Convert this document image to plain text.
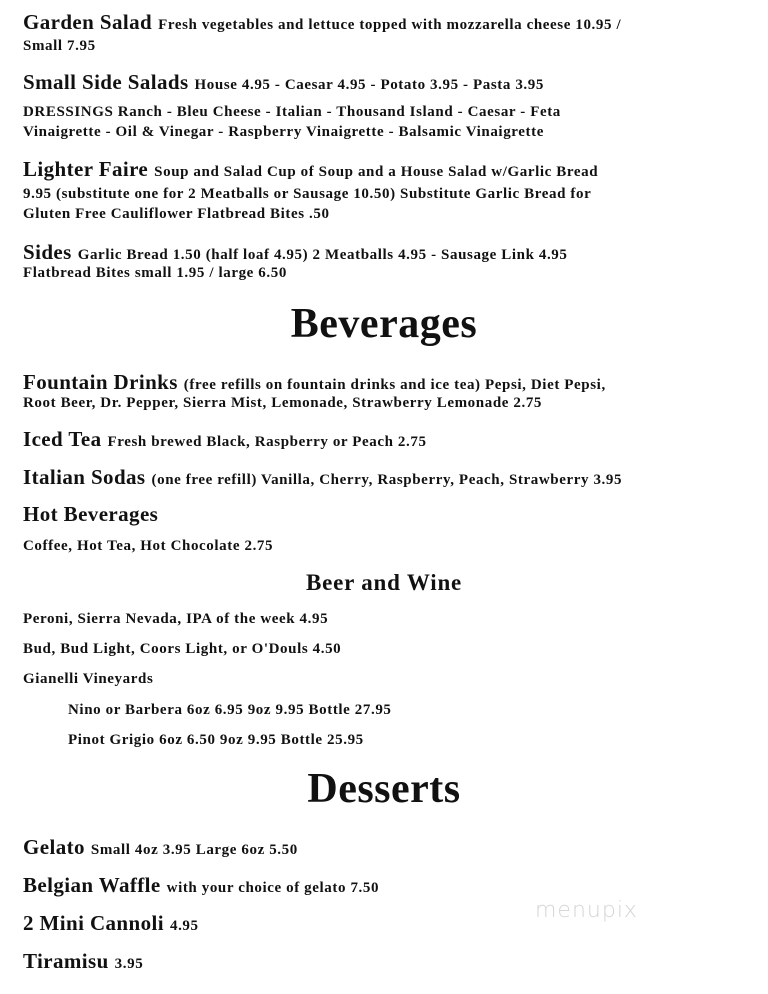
Garden Salad Fresh vegetables and lettuce topped with mozzarella cheese 10.95 /
Small 7.95
Small Side Salads House 4.95 - Caesar 4.95 - Potato 3.95 - Pasta 3.95
DRESSINGS Ranch - Bleu Cheese - Italian - Thousand Island - Caesar - Feta
Vinaigrette - Oil & Vinegar - Raspberry Vinaigrette - Balsamic Vinaigrette
Lighter Faire Soup and Salad Cup of Soup and a House Salad w/Garlic Bread
9.95 (substitute one for 2 Meatballs or Sausage 10.50) Substitute Garlic Bread for
Gluten Free Cauliflower Flatbread Bites .50
Sides Garlic Bread 1.50 (half loaf 4.95) 2 Meatballs 4.95 - Sausage Link 4.95
Flatbread Bites small 1.95 / large 6.50
Beverages
Fountain Drinks (free refills on fountain drinks and ice tea) Pepsi, Diet Pepsi,
Root Beer, Dr. Pepper, Sierra Mist, Lemonade, Strawberry Lemonade 2.75
Iced Tea Fresh brewed Black, Raspberry or Peach 2.75
Italian Sodas (one free refill) Vanilla, Cherry, Raspberry, Peach, Strawberry 3.95
Hot Beverages
Coffee, Hot Tea, Hot Chocolate 2.75
Beer and Wine
Peroni, Sierra Nevada, IPA of the week 4.95
Bud, Bud Light, Coors Light, or O'Douls 4.50
Gianelli Vineyards
Nino or Barbera 6oz 6.95 9oz 9.95 Bottle 27.95
Pinot Grigio 6oz 6.50 9oz 9.95 Bottle 25.95
Desserts
Gelato Small 4oz 3.95 Large 6oz 5.50
Belgian Waffle with your choice of gelato 7.50
2 Mini Cannoli 4.95
Tiramisu 3.95
menupix
